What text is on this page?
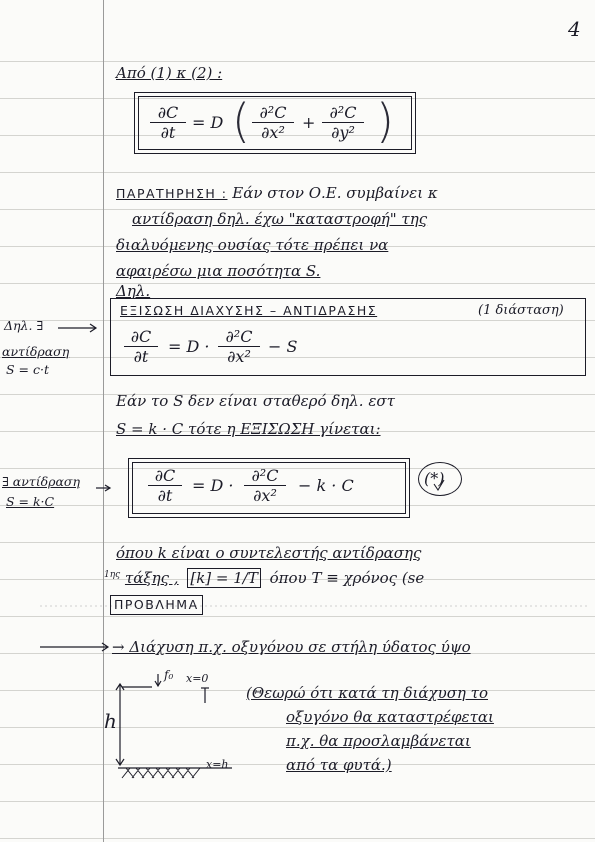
4
Από (1) κ (2) :
∂C
∂t
= D ( ∂²C
∂x²
+
∂²C
∂y² )
ΠΑΡΑΤΗΡΗΣΗ : Εάν στον Ο.Ε. συμβαίνει κ
αντίδραση δηλ. έχω "καταστροφή" της
διαλυόμενης ουσίας τότε πρέπει να
αφαιρέσω μια ποσότητα S.
Δηλ.
ΕΞΙΣΩΣΗ ΔΙΑΧΥΣΗΣ – ΑΝΤΙΔΡΑΣΗΣ	(1 διάσταση)
∂C
∂t
= D ·
∂²C
∂x²
− S
Δηλ. ∃
αντίδραση
S = c·t
Εάν το S δεν είναι σταθερό δηλ. εστ
S = k · C τότε η ΕΞΙΣΩΣΗ γίνεται:
∃ αντίδραση
S = k·C
∂C
∂t
= D ·
∂²C
∂x²
− k · C	(*)
όπου k είναι ο συντελεστής αντίδρασης
$^{1\eta\varsigma}$ τάξης , [k] = 1/T όπου T ≡ χρόνος (se
ΠΡΟΒΛΗΜΑ
→ Διάχυση π.χ. οξυγόνου σε στήλη ύδατος ύψο
f₀ x=0
h
x=h
(Θεωρώ ότι κατά τη διάχυση το
οξυγόνο θα καταστρέφεται
π.χ. θα προσλαμβάνεται
από τα φυτά.)
